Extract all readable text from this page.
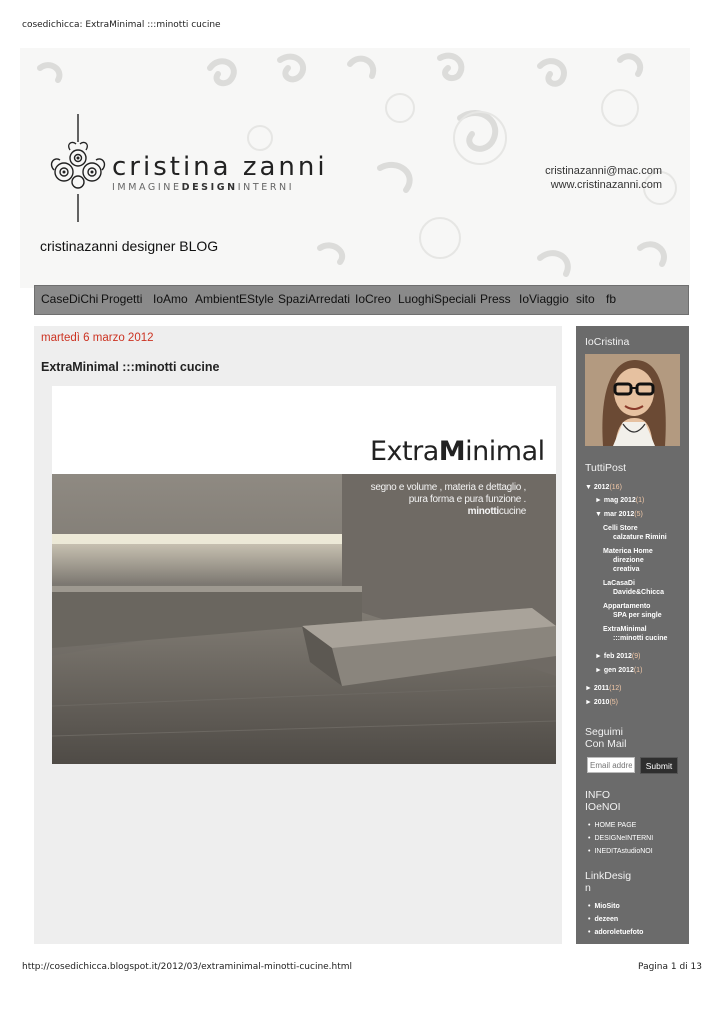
cosedichicca: ExtraMinimal :::minotti cucine
cristina zanni
IMMAGINEDESIGNINTERNI
cristinazanni@mac.com
www.cristinazanni.com
cristinazanni designer BLOG
CaseDiChi Progetti IoAmo AmbientEStyle SpaziArredati IoCreo LuoghiSpeciali Press IoViaggio sito fb
martedì 6 marzo 2012
ExtraMinimal :::minotti cucine
ExtraMinimal
segno e volume , materia e dettaglio ,
pura forma e pura funzione .
minotticucine
IoCristina
TuttiPost
▼ 2012(16)
► mag 2012(1)
▼ mar 2012(5)
Celli Store
calzature Rimini
Materica Home
direzione
creativa
LaCasaDi
Davide&Chicca
Appartamento
SPA per single
ExtraMinimal
:::minotti cucine
► feb 2012(9)
► gen 2012(1)
► 2011(12)
► 2010(5)
Seguimi
Con Mail
Email address...
Submit
INFO
IOeNOI
• HOME PAGE
• DESIGNeINTERNI
• INEDITAstudioNOI
LinkDesig
n
• MioSito
• dezeen
• adoroletuefoto
http://cosedichicca.blogspot.it/2012/03/extraminimal-minotti-cucine.html	Pagina 1 di 13
